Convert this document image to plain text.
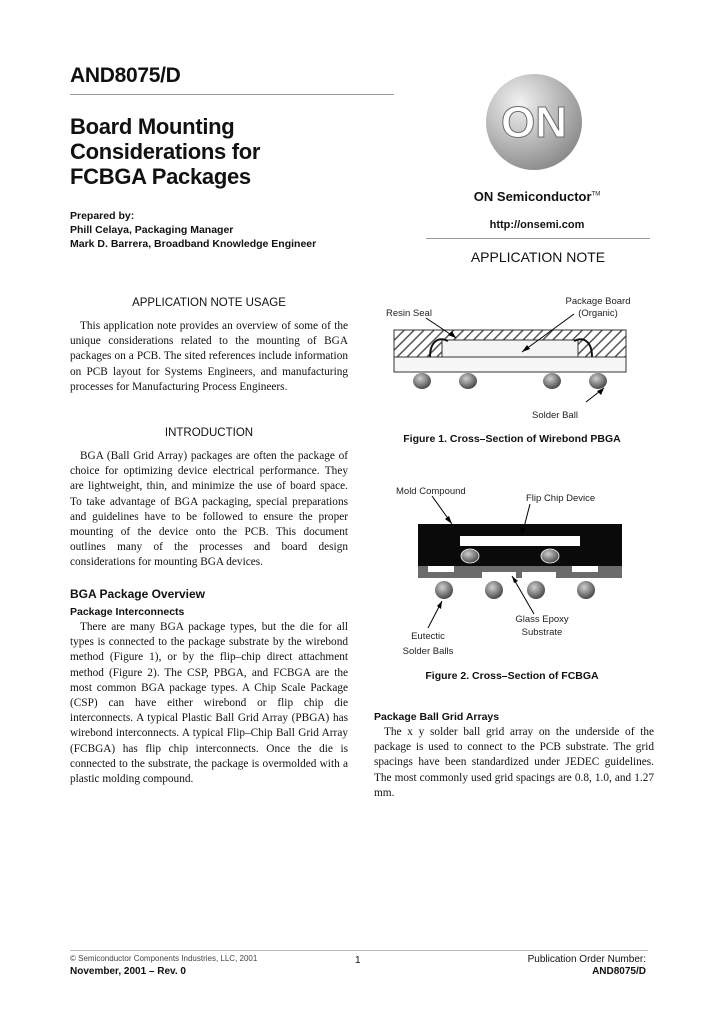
AND8075/D
Board Mounting
Considerations for
FCBGA Packages
Prepared by:
Phill Celaya, Packaging Manager
Mark D. Barrera, Broadband Knowledge Engineer
ON
ON Semiconductor™
http://onsemi.com
APPLICATION NOTE
APPLICATION NOTE USAGE
This application note provides an overview of some of the unique considerations related to the mounting of BGA packages on a PCB. The sited references include information on PCB layout for Systems Engineers, and manufacturing processes for Manufacturing Process Engineers.
INTRODUCTION
BGA (Ball Grid Array) packages are often the package of choice for optimizing device electrical performance. They are lightweight, thin, and minimize the use of board space. To take advantage of BGA packaging, special preparations and guidelines have to be followed to ensure the proper mounting of the device onto the PCB. This document outlines many of the processes and board design considerations for mounting BGA devices.
BGA Package Overview
Package Interconnects
There are many BGA package types, but the die for all types is connected to the package substrate by the wirebond method (Figure 1), or by the flip–chip direct attachment method (Figure 2). The CSP, PBGA, and FCBGA are the most common BGA package types. A Chip Scale Package (CSP) can have either wirebond or flip chip die interconnects. A typical Plastic Ball Grid Array (PBGA) has wirebond interconnects. A typical Flip–Chip Ball Grid Array (FCBGA) has flip chip interconnects. Once the die is connected to the substrate, the package is overmolded with a plastic molding compound.
Resin Seal
Package Board
(Organic)
Solder Ball
Figure 1. Cross–Section of Wirebond PBGA
Mold Compound
Flip Chip Device
Glass Epoxy
Substrate
Eutectic
Solder Balls
Figure 2. Cross–Section of FCBGA
Package Ball Grid Arrays
The x y solder ball grid array on the underside of the package is used to connect to the PCB substrate. The grid spacings have been standardized under JEDEC guidelines. The most commonly used grid spacings are 0.8, 1.0, and 1.27 mm.
© Semiconductor Components Industries, LLC, 2001
November, 2001 – Rev. 0
1	Publication Order Number:
AND8075/D
